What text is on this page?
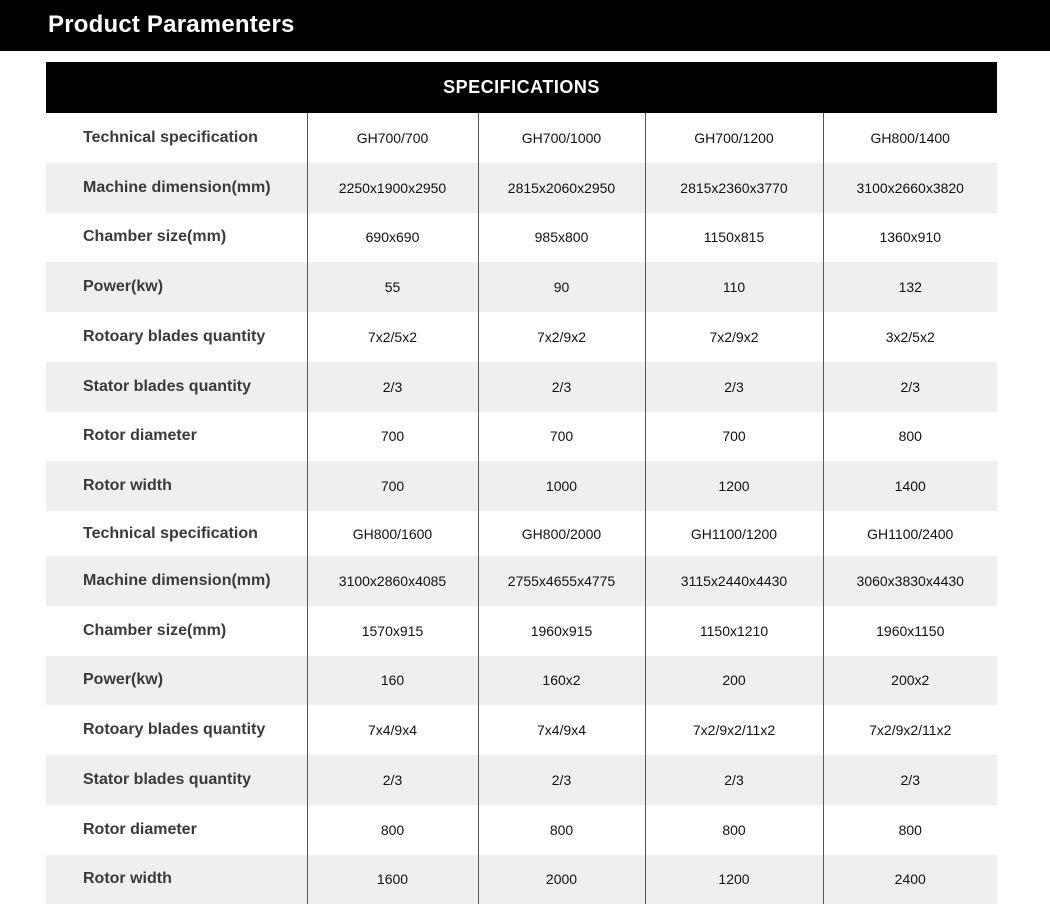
Product Paramenters
SPECIFICATIONS
Technical specification	GH700/700	GH700/1000	GH700/1200	GH800/1400
Machine dimension(mm)	2250x1900x2950	2815x2060x2950	2815x2360x3770	3100x2660x3820
Chamber size(mm)	690x690	985x800	1150x815	1360x910
Power(kw)	55	90	110	132
Rotoary blades quantity	7x2/5x2	7x2/9x2	7x2/9x2	3x2/5x2
Stator blades quantity	2/3	2/3	2/3	2/3
Rotor diameter	700	700	700	800
Rotor width	700	1000	1200	1400
Technical specification	GH800/1600	GH800/2000	GH1100/1200	GH1100/2400
Machine dimension(mm)	3100x2860x4085	2755x4655x4775	3115x2440x4430	3060x3830x4430
Chamber size(mm)	1570x915	1960x915	1150x1210	1960x1150
Power(kw)	160	160x2	200	200x2
Rotoary blades quantity	7x4/9x4	7x4/9x4	7x2/9x2/11x2	7x2/9x2/11x2
Stator blades quantity	2/3	2/3	2/3	2/3
Rotor diameter	800	800	800	800
Rotor width	1600	2000	1200	2400
